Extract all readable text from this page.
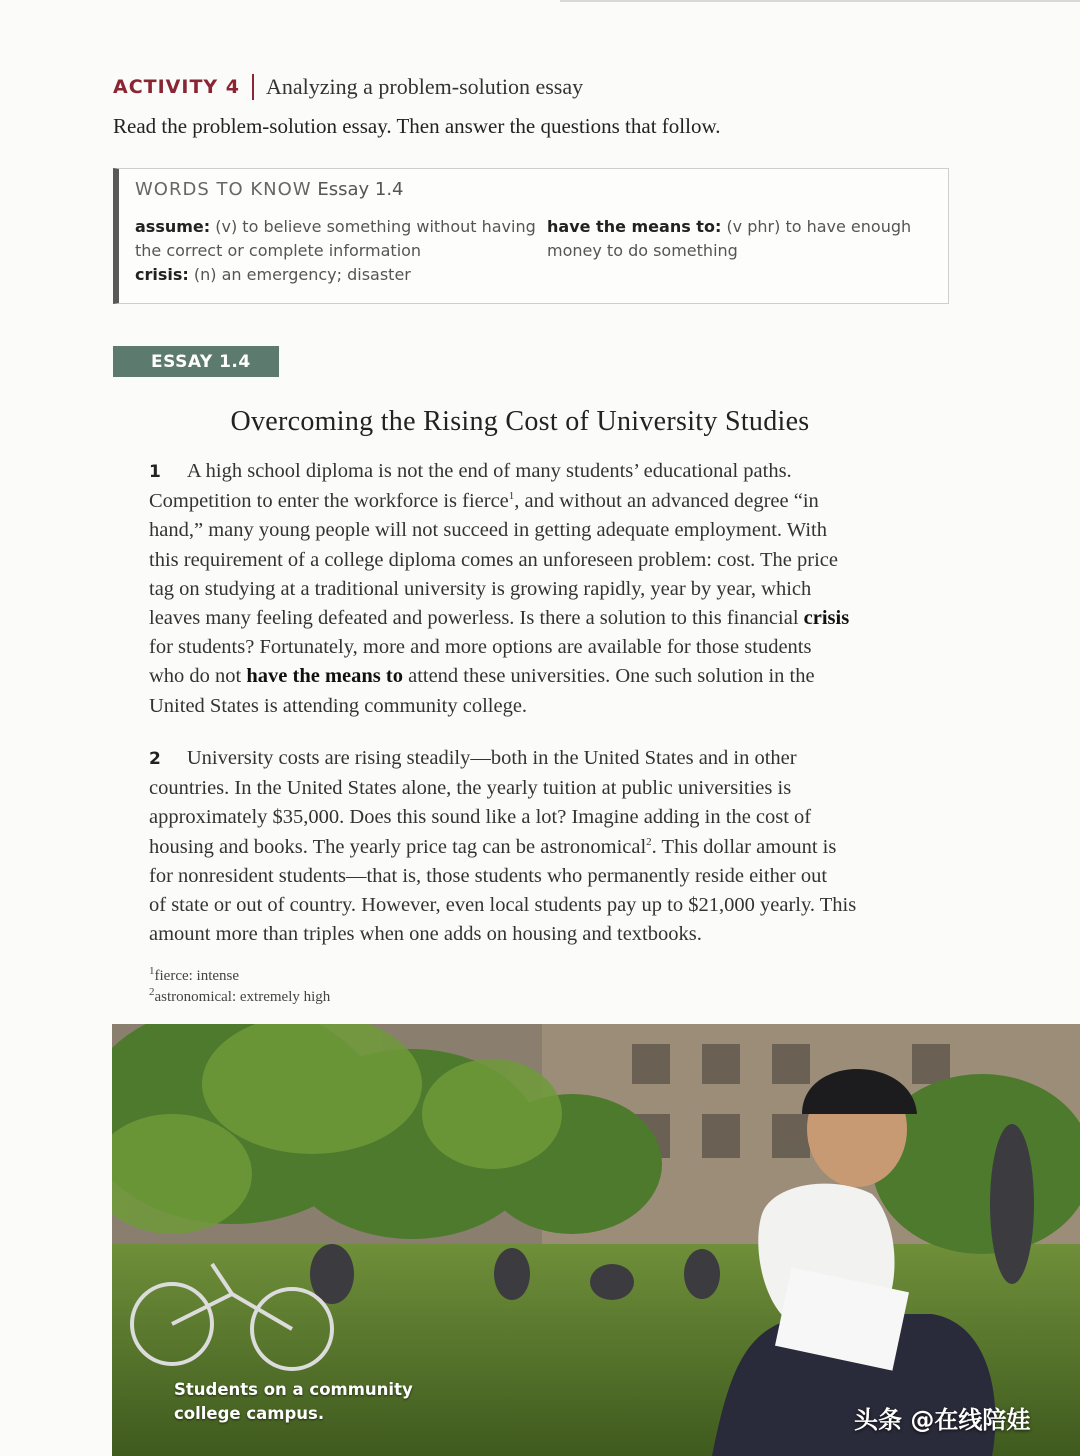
ACTIVITY 4 Analyzing a problem-solution essay
Read the problem-solution essay. Then answer the questions that follow.
WORDS TO KNOW Essay 1.4
assume: (v) to believe something without having
the correct or complete information
crisis: (n) an emergency; disaster
have the means to: (v phr) to have enough
money to do something
ESSAY 1.4
Overcoming the Rising Cost of University Studies
1 A high school diploma is not the end of many students’ educational paths.
Competition to enter the workforce is fierce$^1$, and without an advanced degree “in
hand,” many young people will not succeed in getting adequate employment. With
this requirement of a college diploma comes an unforeseen problem: cost. The price
tag on studying at a traditional university is growing rapidly, year by year, which
leaves many feeling defeated and powerless. Is there a solution to this financial crisis
for students? Fortunately, more and more options are available for those students
who do not have the means to attend these universities. One such solution in the
United States is attending community college.
2 University costs are rising steadily—both in the United States and in other
countries. In the United States alone, the yearly tuition at public universities is
approximately $35,000. Does this sound like a lot? Imagine adding in the cost of
housing and books. The yearly price tag can be astronomical$^2$. This dollar amount is
for nonresident students—that is, those students who permanently reside either out
of state or out of country. However, even local students pay up to $21,000 yearly. This
amount more than triples when one adds on housing and textbooks.
$^1$fierce: intense
$^2$astronomical: extremely high
Students on a community
college campus.	头条 @在线陪娃
